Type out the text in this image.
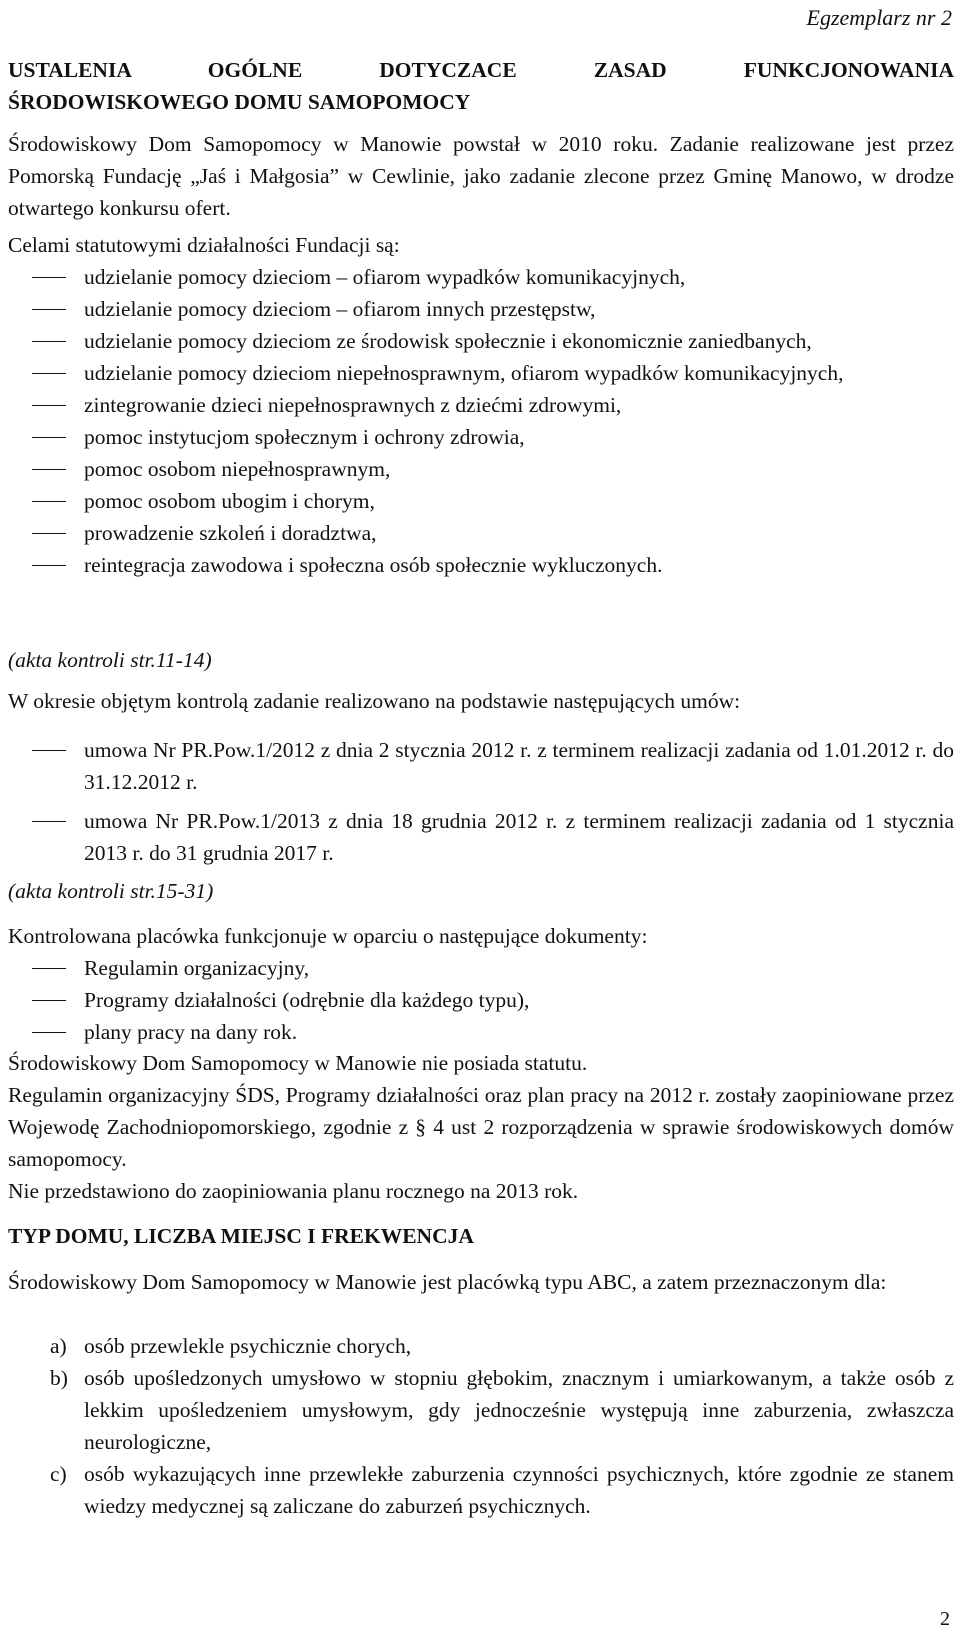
Egzemplarz nr 2
USTALENIA OGÓLNE DOTYCZACE ZASAD FUNKCJONOWANIA
ŚRODOWISKOWEGO DOMU SAMOPOMOCY
Środowiskowy Dom Samopomocy w Manowie powstał w 2010 roku. Zadanie realizowane jest przez Pomorską Fundację „Jaś i Małgosia” w Cewlinie, jako zadanie zlecone przez Gminę Manowo, w drodze otwartego konkursu ofert.
Celami statutowymi działalności Fundacji są:
udzielanie pomocy dzieciom – ofiarom wypadków komunikacyjnych,
udzielanie pomocy dzieciom – ofiarom innych przestępstw,
udzielanie pomocy dzieciom ze środowisk społecznie i ekonomicznie zaniedbanych,
udzielanie pomocy dzieciom niepełnosprawnym, ofiarom wypadków komunikacyjnych,
zintegrowanie dzieci niepełnosprawnych z dziećmi zdrowymi,
pomoc instytucjom społecznym i ochrony zdrowia,
pomoc osobom niepełnosprawnym,
pomoc osobom ubogim i chorym,
prowadzenie szkoleń i doradztwa,
reintegracja zawodowa i społeczna osób społecznie wykluczonych.
(akta kontroli str.11-14)
W okresie objętym kontrolą zadanie realizowano na podstawie następujących umów:
umowa Nr PR.Pow.1/2012 z dnia 2 stycznia 2012 r. z terminem realizacji zadania od 1.01.2012 r. do 31.12.2012 r.
umowa Nr PR.Pow.1/2013 z dnia 18 grudnia 2012 r. z terminem realizacji zadania od 1 stycznia 2013 r. do 31 grudnia 2017 r.
(akta kontroli str.15-31)
Kontrolowana placówka funkcjonuje w oparciu o następujące dokumenty:
Regulamin organizacyjny,
Programy działalności (odrębnie dla każdego typu),
plany pracy na dany rok.
Środowiskowy Dom Samopomocy w Manowie nie posiada statutu.
Regulamin organizacyjny ŚDS, Programy działalności oraz plan pracy na 2012 r. zostały zaopiniowane przez Wojewodę Zachodniopomorskiego, zgodnie z § 4 ust 2 rozporządzenia w sprawie środowiskowych domów samopomocy.
Nie przedstawiono do zaopiniowania planu rocznego na 2013 rok.
TYP DOMU, LICZBA MIEJSC I FREKWENCJA
Środowiskowy Dom Samopomocy w Manowie jest placówką typu ABC, a zatem przeznaczonym dla:
a) osób przewlekle psychicznie chorych,
b) osób upośledzonych umysłowo w stopniu głębokim, znacznym i umiarkowanym, a także osób z lekkim upośledzeniem umysłowym, gdy jednocześnie występują inne zaburzenia, zwłaszcza neurologiczne,
c) osób wykazujących inne przewlekłe zaburzenia czynności psychicznych, które zgodnie ze stanem wiedzy medycznej są zaliczane do zaburzeń psychicznych.
2
